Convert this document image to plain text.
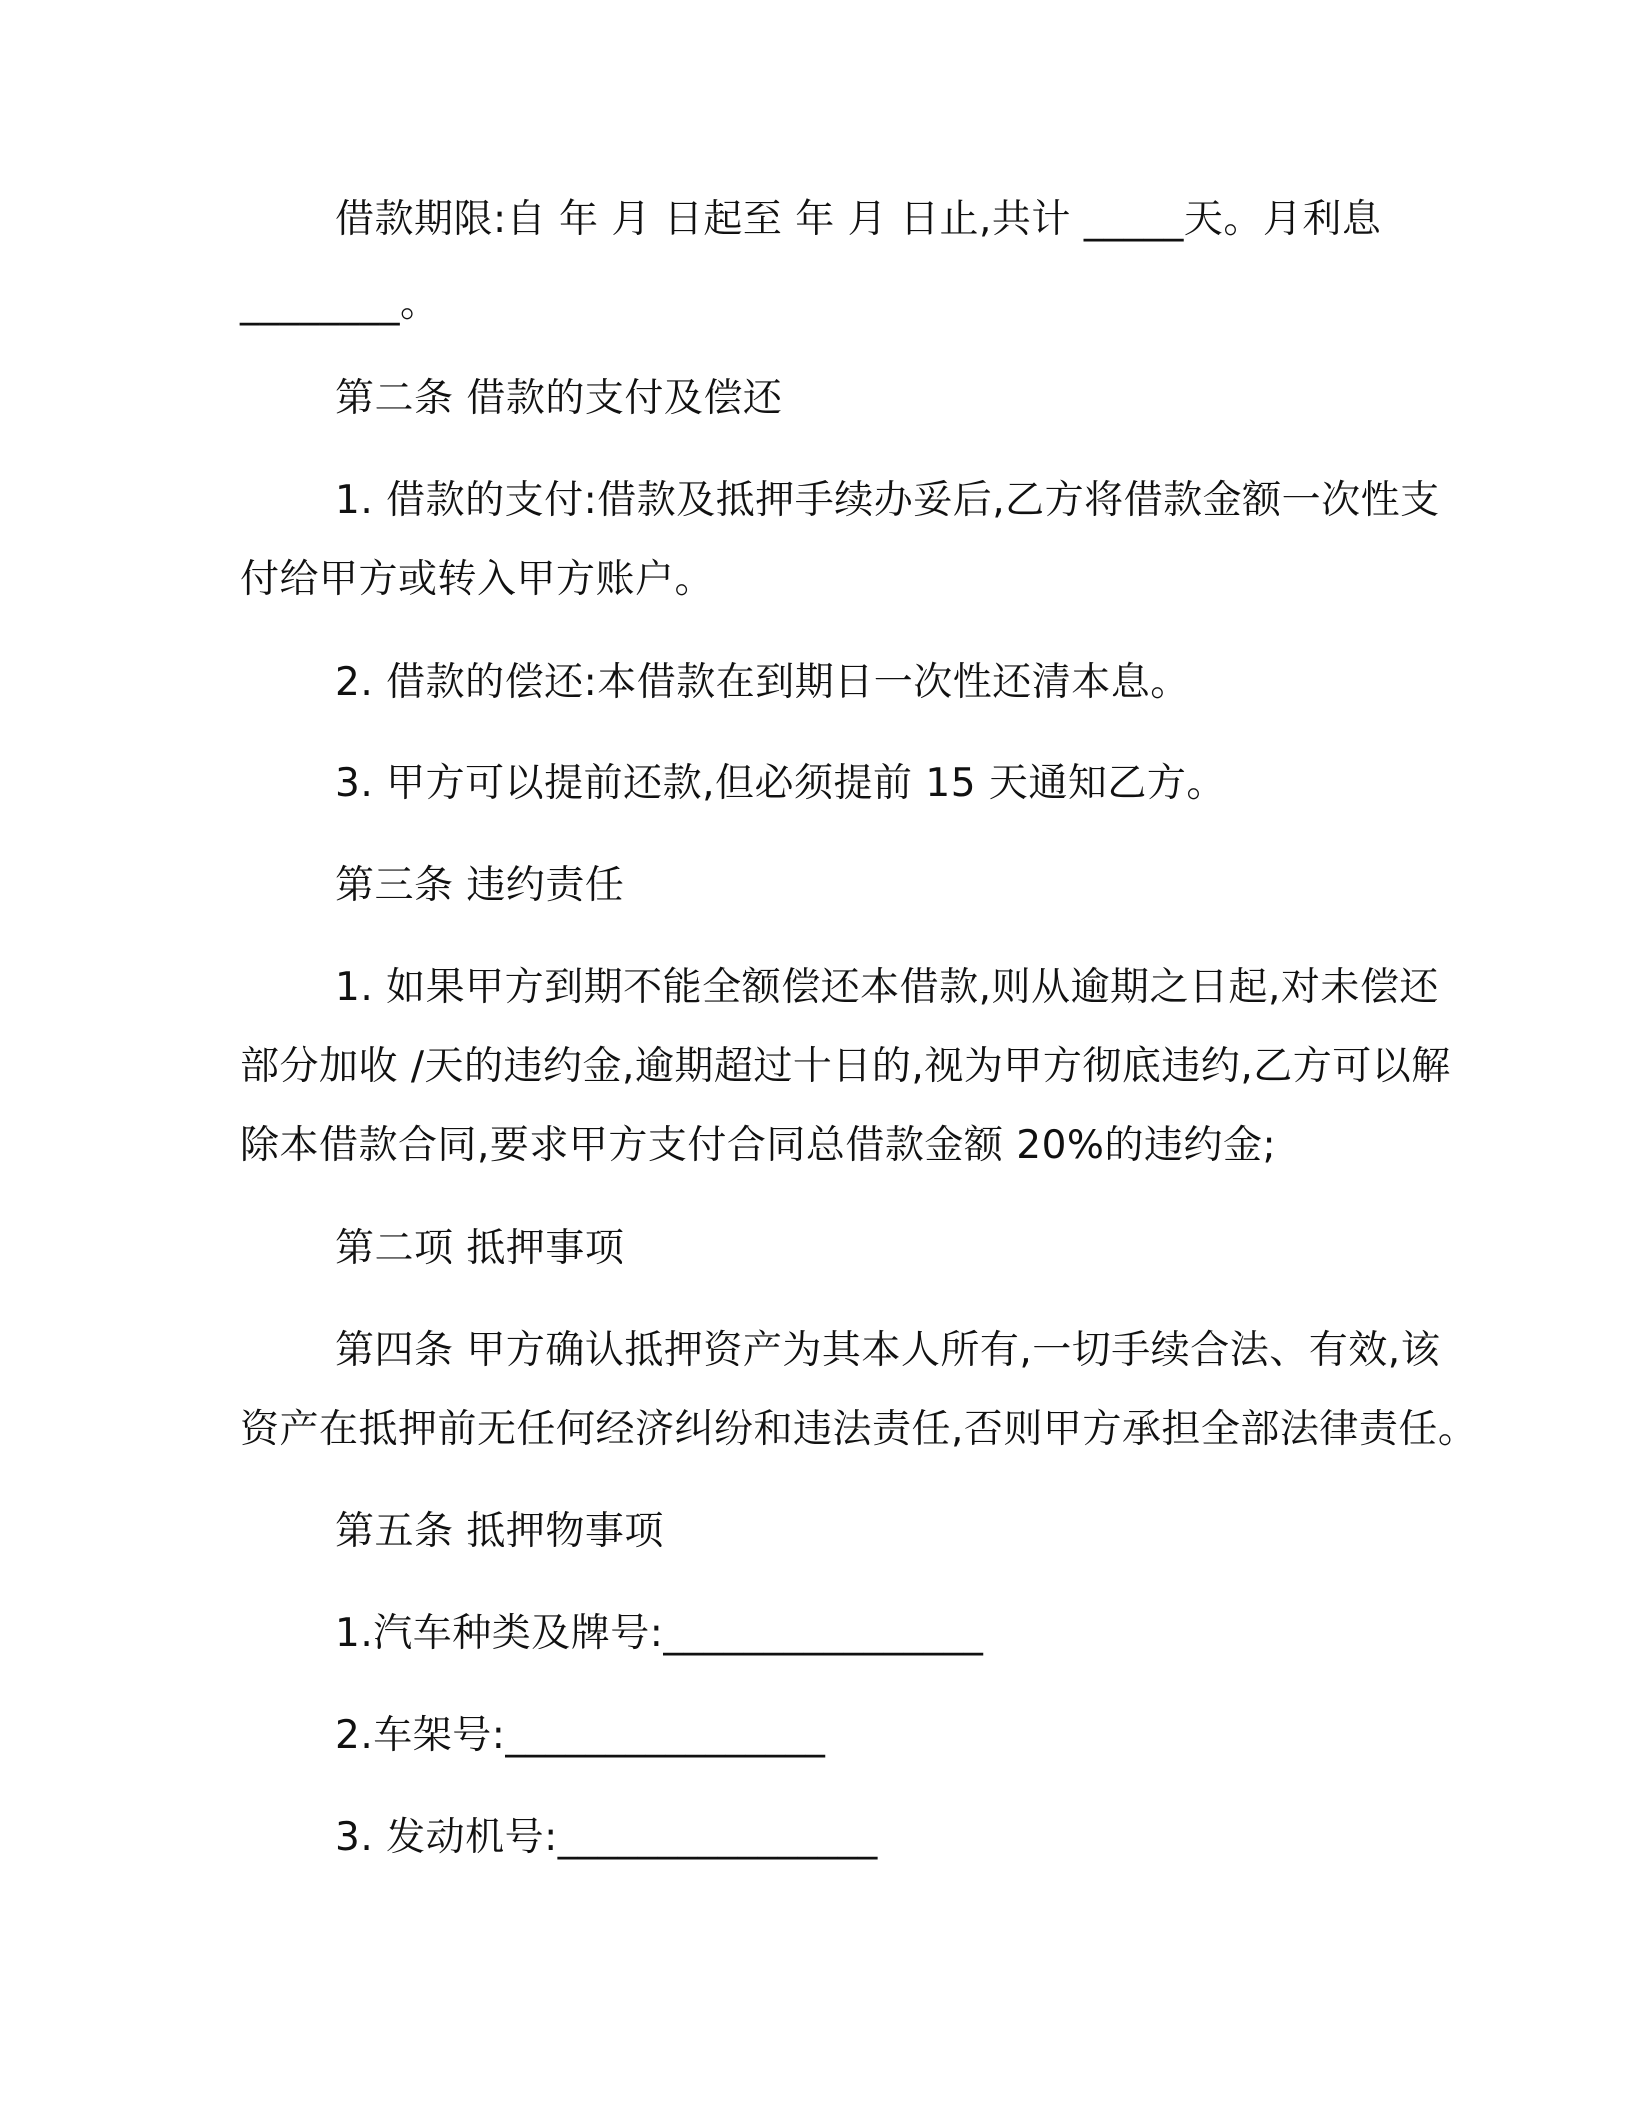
借款期限:自 年 月 日起至 年 月 日止,共计 _____天。月利息
________。
第二条 借款的支付及偿还
1. 借款的支付:借款及抵押手续办妥后,乙方将借款金额一次性支
付给甲方或转入甲方账户。
2. 借款的偿还:本借款在到期日一次性还清本息。
3. 甲方可以提前还款,但必须提前 15 天通知乙方。
第三条 违约责任
1. 如果甲方到期不能全额偿还本借款,则从逾期之日起,对未偿还
部分加收 /天的违约金,逾期超过十日的,视为甲方彻底违约,乙方可以解
除本借款合同,要求甲方支付合同总借款金额 20%的违约金;
第二项 抵押事项
第四条 甲方确认抵押资产为其本人所有,一切手续合法、有效,该
资产在抵押前无任何经济纠纷和违法责任,否则甲方承担全部法律责任。
第五条 抵押物事项
1.汽车种类及牌号:________________
2.车架号:________________
3. 发动机号:________________
